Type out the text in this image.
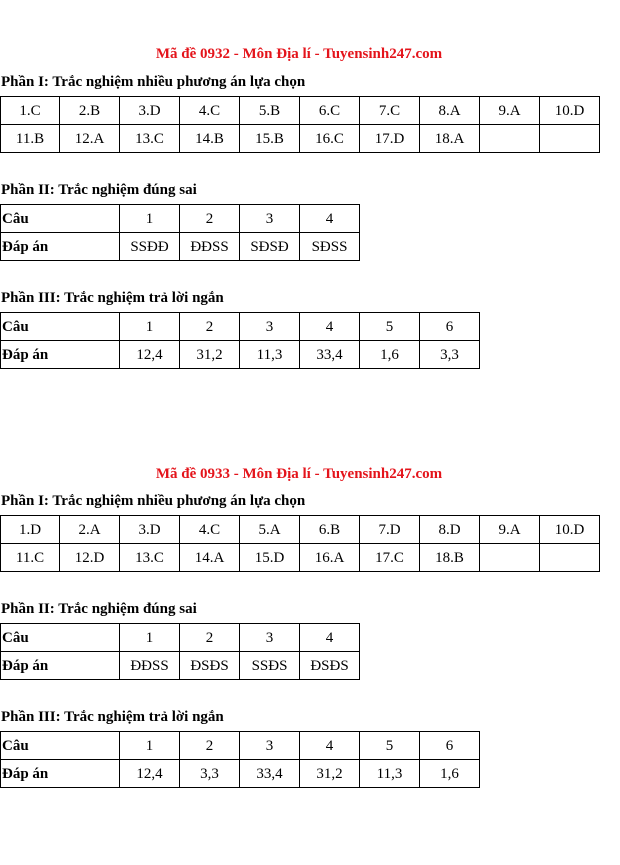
Mã đề 0932 - Môn Địa lí - Tuyensinh247.com
Phần I: Trắc nghiệm nhiều phương án lựa chọn
1.C	2.B	3.D	4.C	5.B	6.C	7.C	8.A	9.A	10.D
11.B	12.A	13.C	14.B	15.B	16.C	17.D	18.A		
Phần II: Trắc nghiệm đúng sai
Câu	1	2	3	4
Đáp án	SSĐĐ	ĐĐSS	SĐSĐ	SĐSS
Phần III: Trắc nghiệm trả lời ngắn
Câu	1	2	3	4	5	6
Đáp án	12,4	31,2	11,3	33,4	1,6	3,3
Mã đề 0933 - Môn Địa lí - Tuyensinh247.com
Phần I: Trắc nghiệm nhiều phương án lựa chọn
1.D	2.A	3.D	4.C	5.A	6.B	7.D	8.D	9.A	10.D
11.C	12.D	13.C	14.A	15.D	16.A	17.C	18.B		
Phần II: Trắc nghiệm đúng sai
Câu	1	2	3	4
Đáp án	ĐĐSS	ĐSĐS	SSĐS	ĐSĐS
Phần III: Trắc nghiệm trả lời ngắn
Câu	1	2	3	4	5	6
Đáp án	12,4	3,3	33,4	31,2	11,3	1,6
